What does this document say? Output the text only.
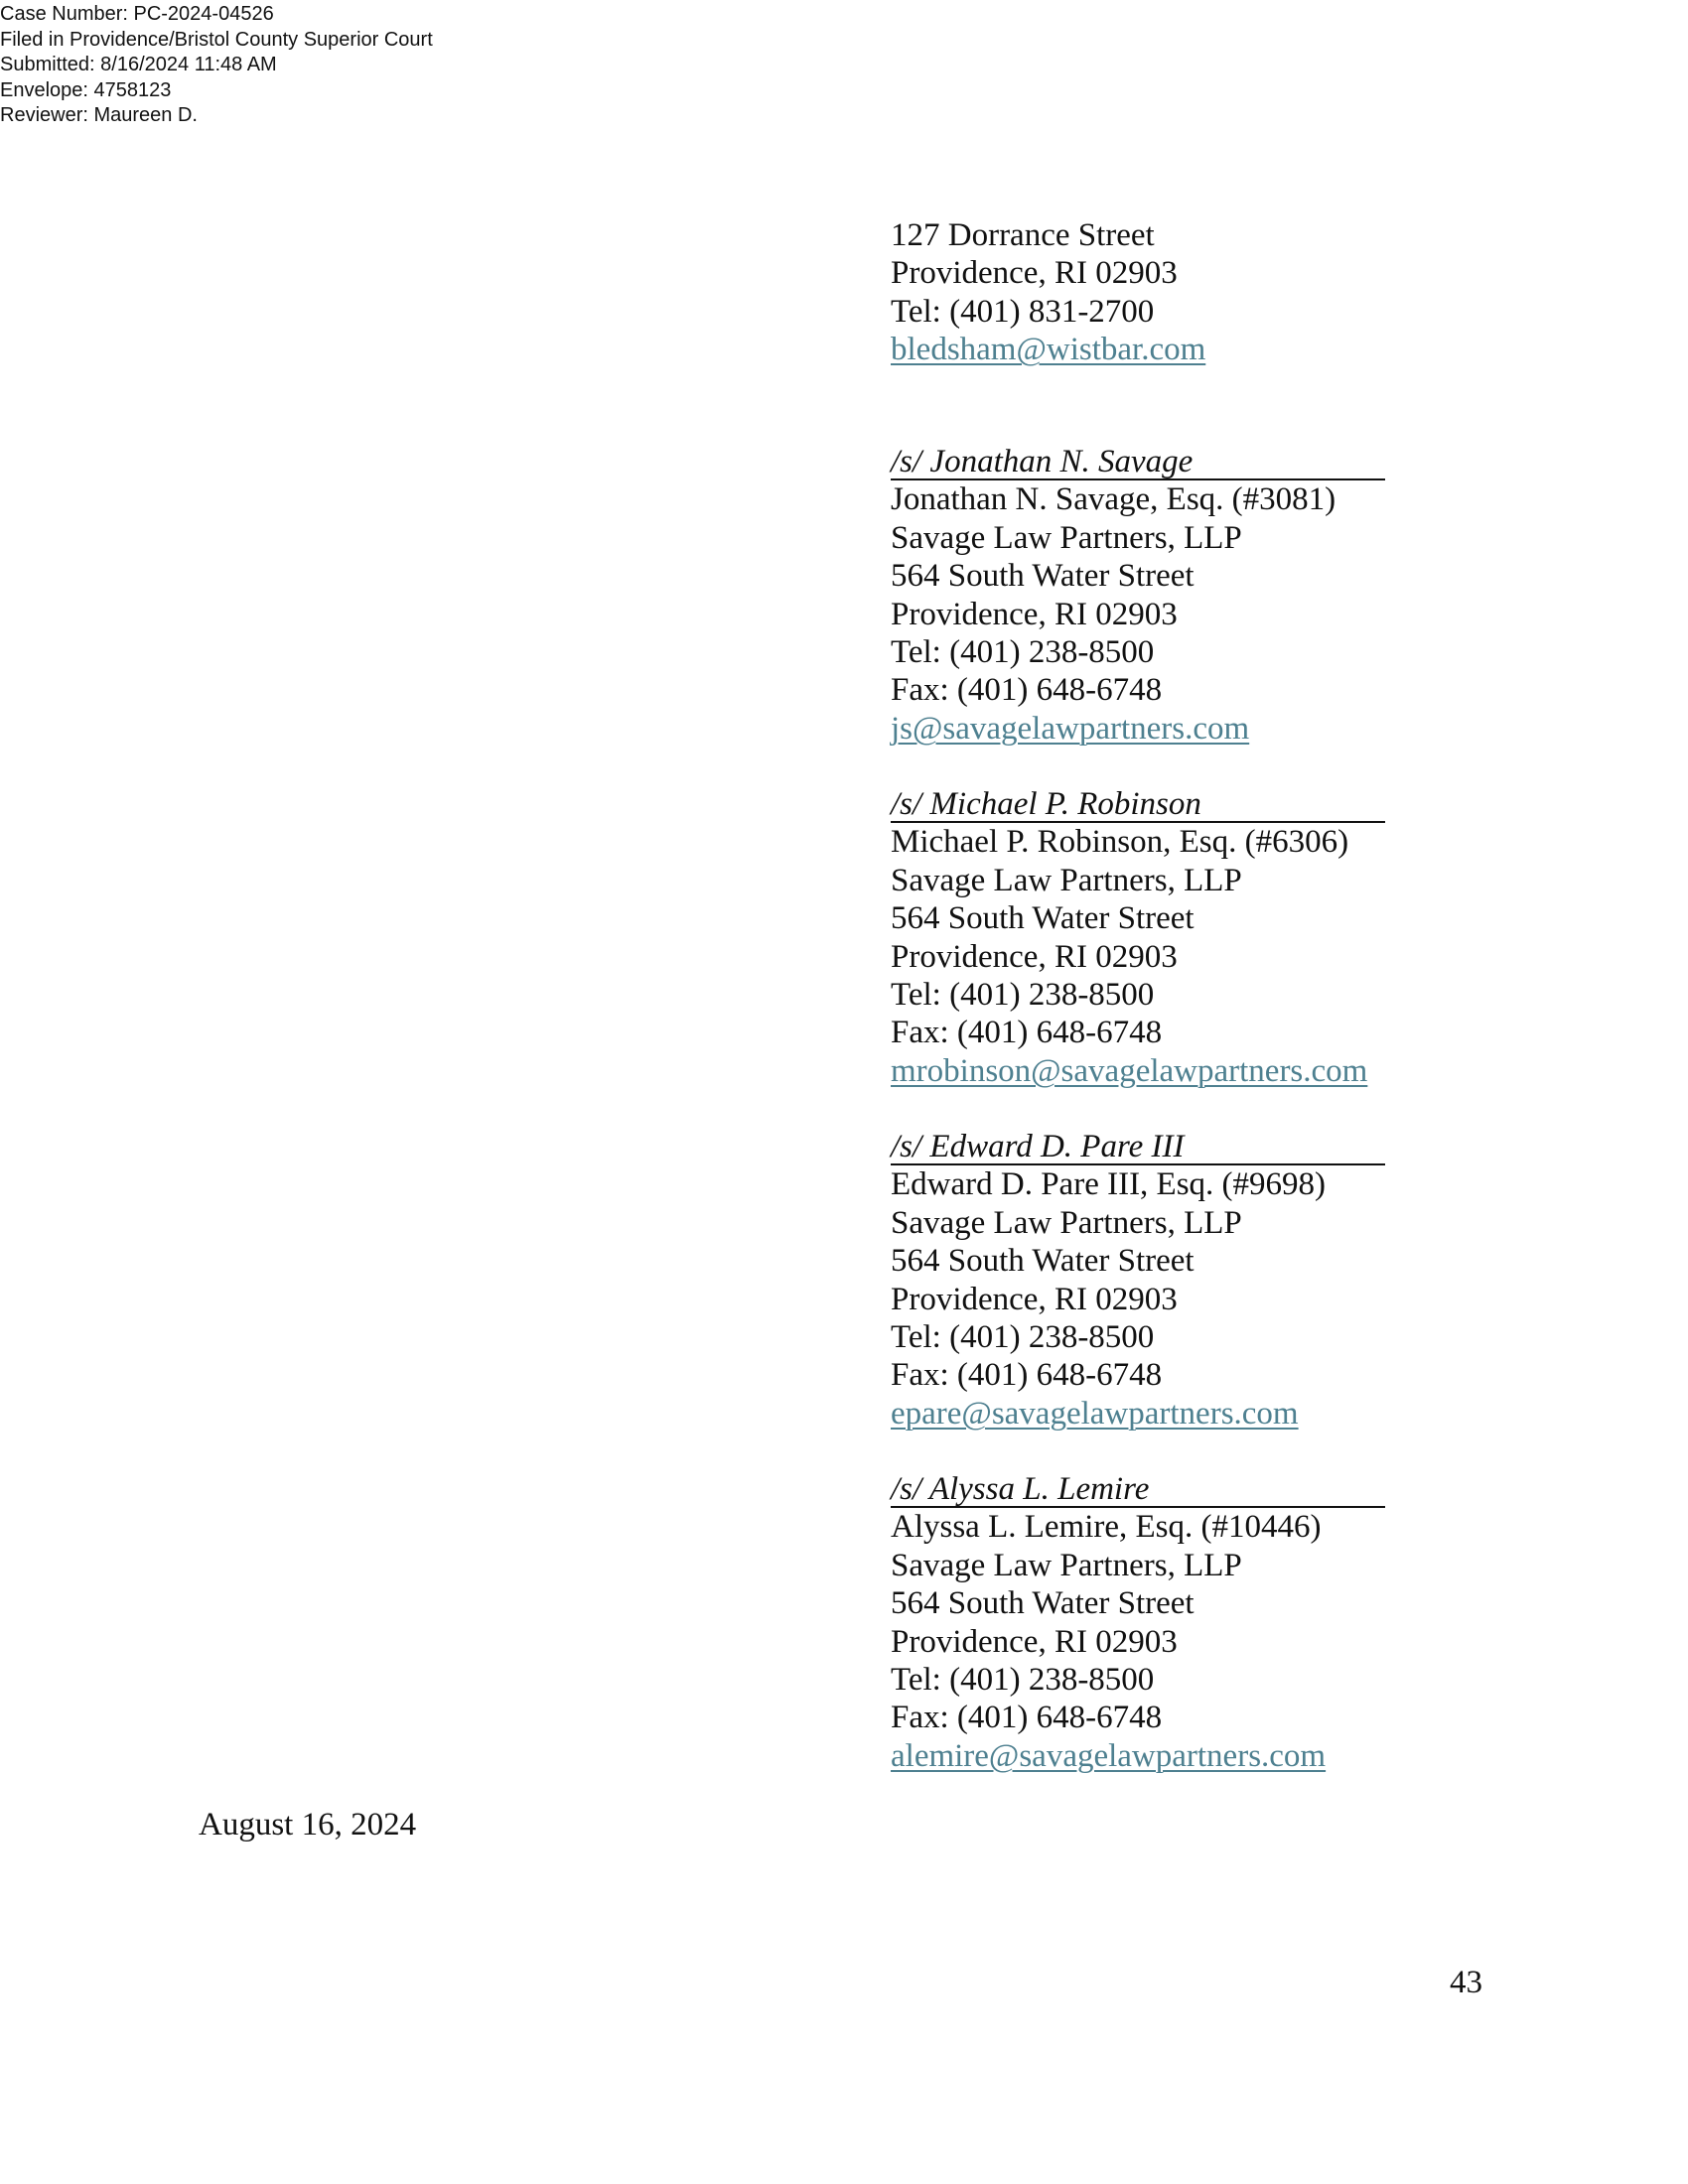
Case Number: PC-2024-04526
Filed in Providence/Bristol County Superior Court
Submitted: 8/16/2024 11:48 AM
Envelope: 4758123
Reviewer: Maureen D.
127 Dorrance Street
Providence, RI 02903
Tel: (401) 831-2700
bledsham@wistbar.com
/s/ Jonathan N. Savage
Jonathan N. Savage, Esq. (#3081)
Savage Law Partners, LLP
564 South Water Street
Providence, RI 02903
Tel: (401) 238-8500
Fax: (401) 648-6748
js@savagelawpartners.com
/s/ Michael P. Robinson
Michael P. Robinson, Esq. (#6306)
Savage Law Partners, LLP
564 South Water Street
Providence, RI 02903
Tel: (401) 238-8500
Fax: (401) 648-6748
mrobinson@savagelawpartners.com
/s/ Edward D. Pare III
Edward D. Pare III, Esq. (#9698)
Savage Law Partners, LLP
564 South Water Street
Providence, RI 02903
Tel: (401) 238-8500
Fax: (401) 648-6748
epare@savagelawpartners.com
/s/ Alyssa L. Lemire
Alyssa L. Lemire, Esq. (#10446)
Savage Law Partners, LLP
564 South Water Street
Providence, RI 02903
Tel: (401) 238-8500
Fax: (401) 648-6748
alemire@savagelawpartners.com
August 16, 2024
43
